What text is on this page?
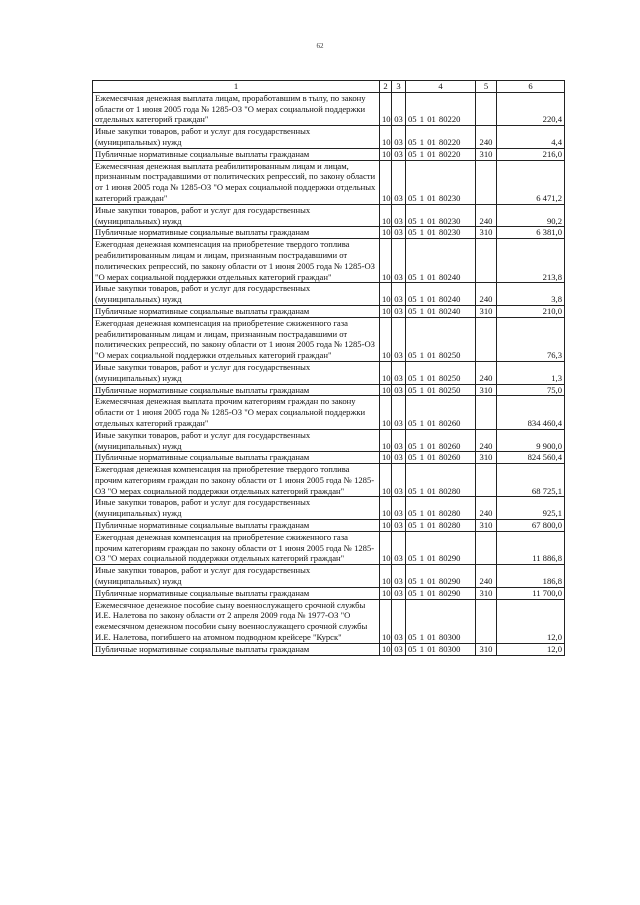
62
1	2	3	4	5	6
Ежемесячная денежная выплата лицам, проработавшим в тылу, по закону области от 1 июня 2005 года № 1285-ОЗ "О мерах социальной поддержки отдельных категорий граждан"	10	03	05 1 01 80220		220,4
Иные закупки товаров, работ и услуг для государственных (муниципальных) нужд	10	03	05 1 01 80220	240	4,4
Публичные нормативные социальные выплаты гражданам	10	03	05 1 01 80220	310	216,0
Ежемесячная денежная выплата реабилитированным лицам и лицам, признанным пострадавшими от политических репрессий, по закону области от 1 июня 2005 года № 1285-ОЗ "О мерах социальной поддержки отдельных категорий граждан"	10	03	05 1 01 80230		6 471,2
Иные закупки товаров, работ и услуг для государственных (муниципальных) нужд	10	03	05 1 01 80230	240	90,2
Публичные нормативные социальные выплаты гражданам	10	03	05 1 01 80230	310	6 381,0
Ежегодная денежная компенсация на приобретение твердого топлива реабилитированным лицам и лицам, признанным пострадавшими от политических репрессий, по закону области от 1 июня 2005 года № 1285-ОЗ "О мерах социальной поддержки отдельных категорий граждан"	10	03	05 1 01 80240		213,8
Иные закупки товаров, работ и услуг для государственных (муниципальных) нужд	10	03	05 1 01 80240	240	3,8
Публичные нормативные социальные выплаты гражданам	10	03	05 1 01 80240	310	210,0
Ежегодная денежная компенсация на приобретение сжиженного газа реабилитированным лицам и лицам, признанным пострадавшими от политических репрессий, по закону области от 1 июня 2005 года № 1285-ОЗ "О мерах социальной поддержки отдельных категорий граждан"	10	03	05 1 01 80250		76,3
Иные закупки товаров, работ и услуг для государственных (муниципальных) нужд	10	03	05 1 01 80250	240	1,3
Публичные нормативные социальные выплаты гражданам	10	03	05 1 01 80250	310	75,0
Ежемесячная денежная выплата прочим категориям граждан по закону области от 1 июня 2005 года № 1285-ОЗ "О мерах социальной поддержки отдельных категорий граждан"	10	03	05 1 01 80260		834 460,4
Иные закупки товаров, работ и услуг для государственных (муниципальных) нужд	10	03	05 1 01 80260	240	9 900,0
Публичные нормативные социальные выплаты гражданам	10	03	05 1 01 80260	310	824 560,4
Ежегодная денежная компенсация на приобретение твердого топлива прочим категориям граждан по закону области от 1 июня 2005 года № 1285-ОЗ "О мерах социальной поддержки отдельных категорий граждан"	10	03	05 1 01 80280		68 725,1
Иные закупки товаров, работ и услуг для государственных (муниципальных) нужд	10	03	05 1 01 80280	240	925,1
Публичные нормативные социальные выплаты гражданам	10	03	05 1 01 80280	310	67 800,0
Ежегодная денежная компенсация на приобретение сжиженного газа прочим категориям граждан по закону области от 1 июня 2005 года № 1285-ОЗ "О мерах социальной поддержки отдельных категорий граждан"	10	03	05 1 01 80290		11 886,8
Иные закупки товаров, работ и услуг для государственных (муниципальных) нужд	10	03	05 1 01 80290	240	186,8
Публичные нормативные социальные выплаты гражданам	10	03	05 1 01 80290	310	11 700,0
Ежемесячное денежное пособие сыну военнослужащего срочной службы И.Е. Налетова по закону области от 2 апреля 2009 года № 1977-ОЗ "О ежемесячном денежном пособии сыну военнослужащего срочной службы И.Е. Налетова, погибшего на атомном подводном крейсере "Курск"	10	03	05 1 01 80300		12,0
Публичные нормативные социальные выплаты гражданам	10	03	05 1 01 80300	310	12,0
